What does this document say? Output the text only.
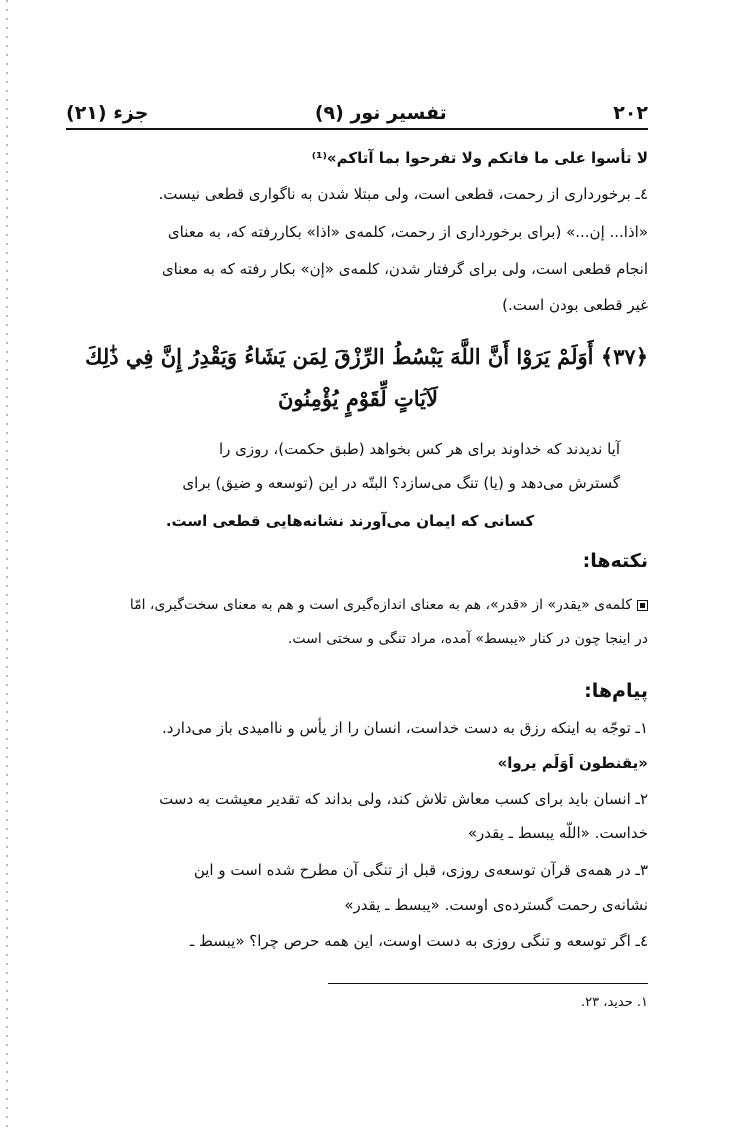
۲۰۲
تفسیر نور (۹)
جزء (۲۱)
لا تأسوا علی ما فاتکم ولا تفرحوا بما آتاکم»⁽¹⁾
٤ـ برخورداری از رحمت، قطعی است، ولی مبتلا شدن به ناگواری قطعی نیست.
«اذا... إن...» (برای برخورداری از رحمت، کلمه‌ی «اذا» بکاررفته که، به معنای
انجام قطعی است، ولی برای گرفتار شدن، کلمه‌ی «إن» بکار رفته که به معنای
غیر قطعی بودن است.)
﴿۳۷﴾ أَوَلَمْ يَرَوْا أَنَّ اللَّهَ يَبْسُطُ الرِّزْقَ لِمَن يَشَاءُ وَيَقْدِرُ إِنَّ فِي ذَٰلِكَ
لَآيَاتٍ لِّقَوْمٍ يُؤْمِنُونَ
آیا ندیدند که خداوند برای هر کس بخواهد (طبق حکمت)، روزی را
گسترش می‌دهد و (یا) تنگ می‌سازد؟ البتّه در این (توسعه و ضیق) برای
کسانی که ایمان می‌آورند نشانه‌هایی قطعی است.
نکته‌ها:
کلمه‌ی «یقدر» از «قدر»، هم به معنای اندازه‌گیری است و هم به معنای سخت‌گیری، امّا
در اینجا چون در کنار «یبسط» آمده، مراد تنگی و سختی است.
پیام‌ها:
۱ـ توجّه به اینکه رزق به دست خداست، انسان را از یأس و ناامیدی باز می‌دارد.
«یقنطون اَوَلَم یروا»
۲ـ انسان باید برای کسب معاش تلاش کند، ولی بداند که تقدیر معیشت به دست
خداست. «اللّه یبسط ـ یقدر»
۳ـ در همه‌ی قرآن توسعه‌ی روزی، قبل از تنگی آن مطرح شده است و این
نشانه‌ی رحمت گسترده‌ی اوست. «یبسط ـ یقدر»
٤ـ اگر توسعه و تنگی روزی به دست اوست، این همه حرص چرا؟ «یبسط ـ
۱. حدید، ۲۳.
